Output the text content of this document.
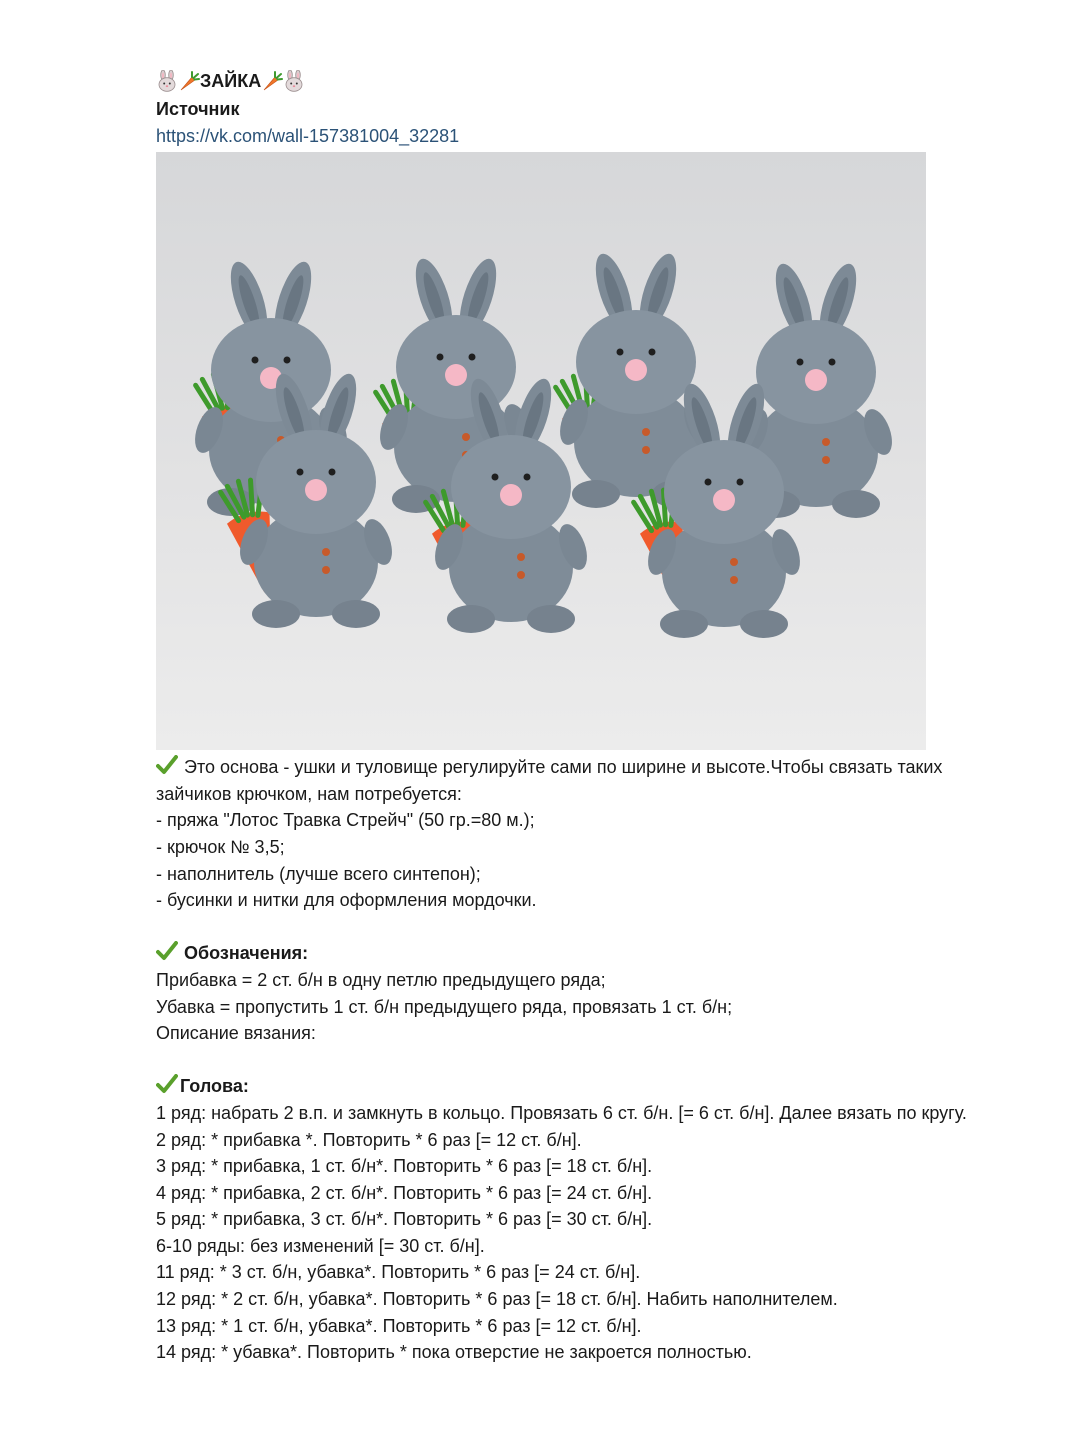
ЗАЙКА

Источник

https://vk.com/wall-157381004_32281

Это основа - ушки и туловище регулируйте сами по ширине и высоте.Чтобы связать таких зайчиков крючком, нам потребуется:

- пряжа "Лотос Травка Стрейч" (50 гр.=80 м.);

- крючок № 3,5;

- наполнитель (лучше всего синтепон);

- бусинки и нитки для оформления мордочки.

Обозначения:

Прибавка = 2 ст. б/н в одну петлю предыдущего ряда;

Убавка = пропустить 1 ст. б/н предыдущего ряда, провязать 1 ст. б/н;

Описание вязания:

Голова:

1 ряд: набрать 2 в.п. и замкнуть в кольцо. Провязать 6 ст. б/н. [= 6 ст. б/н]. Далее вязать по кругу.

2 ряд: * прибавка *. Повторить * 6 раз [= 12 ст. б/н].

3 ряд: * прибавка, 1 ст. б/н*. Повторить * 6 раз [= 18 ст. б/н].

4 ряд: * прибавка, 2 ст. б/н*. Повторить * 6 раз [= 24 ст. б/н].

5 ряд: * прибавка, 3 ст. б/н*. Повторить * 6 раз [= 30 ст. б/н].

6-10 ряды: без изменений [= 30 ст. б/н].

11 ряд: * 3 ст. б/н, убавка*. Повторить * 6 раз [= 24 ст. б/н].

12 ряд: * 2 ст. б/н, убавка*. Повторить * 6 раз [= 18 ст. б/н]. Набить наполнителем.

13 ряд: * 1 ст. б/н, убавка*. Повторить * 6 раз [= 12 ст. б/н].

14 ряд: * убавка*. Повторить * пока отверстие не закроется полностью.
